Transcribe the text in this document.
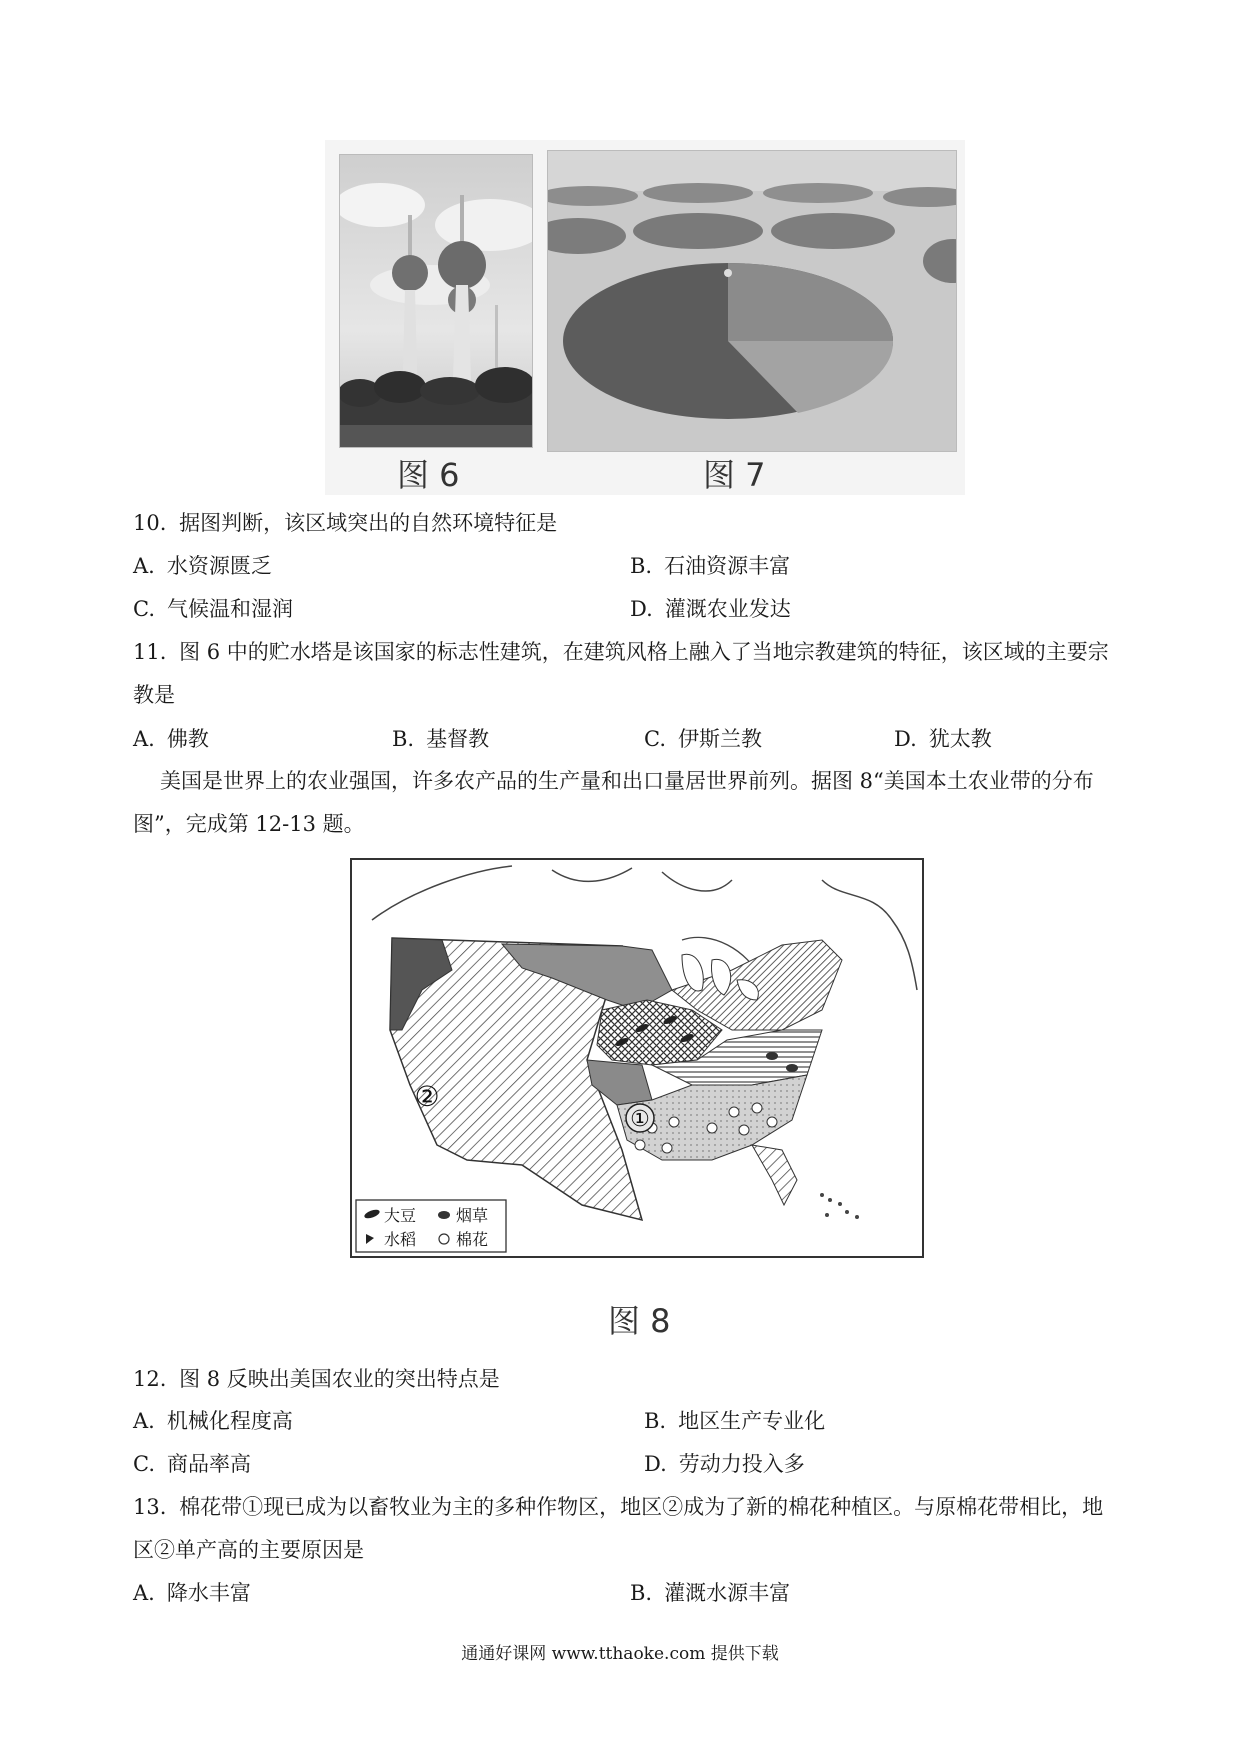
图 6	图 7
10. 据图判断，该区域突出的自然环境特征是
A. 水资源匮乏	B. 石油资源丰富
C. 气候温和湿润	D. 灌溉农业发达
11. 图 6 中的贮水塔是该国家的标志性建筑，在建筑风格上融入了当地宗教建筑的特征，该区域的主要宗
教是
A. 佛教	B. 基督教	C. 伊斯兰教	D. 犹太教
美国是世界上的农业强国，许多农产品的生产量和出口量居世界前列。据图 8“美国本土农业带的分布
图”，完成第 12-13 题。
①
②
大豆 烟草
水稻 棉花
图 8
12. 图 8 反映出美国农业的突出特点是
A. 机械化程度高	B. 地区生产专业化
C. 商品率高	D. 劳动力投入多
13. 棉花带①现已成为以畜牧业为主的多种作物区，地区②成为了新的棉花种植区。与原棉花带相比，地
区②单产高的主要原因是
A. 降水丰富	B. 灌溉水源丰富
通通好课网 www.tthaoke.com 提供下载
